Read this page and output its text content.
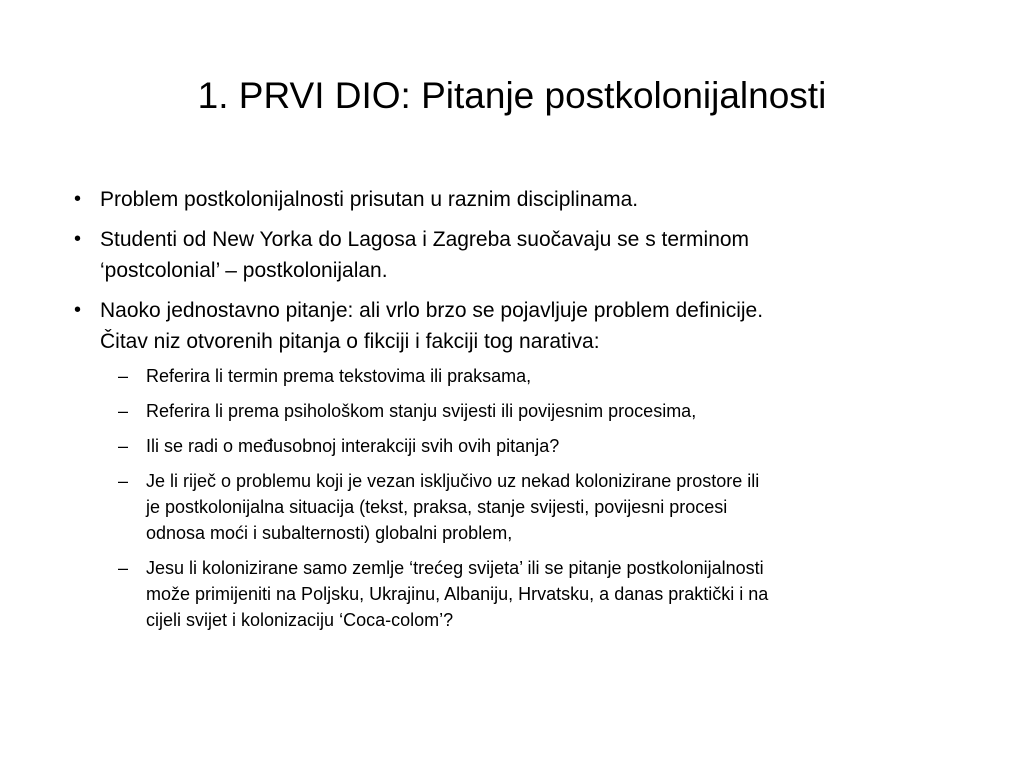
1. PRVI DIO: Pitanje postkolonijalnosti
• Problem postkolonijalnosti prisutan u raznim disciplinama.
• Studenti od New Yorka do Lagosa i Zagreba suočavaju se s terminom
‘postcolonial’ – postkolonijalan.
• Naoko jednostavno pitanje: ali vrlo brzo se pojavljuje problem definicije.
Čitav niz otvorenih pitanja o fikciji i fakciji tog narativa:
– Referira li termin prema tekstovima ili praksama,
– Referira li prema psihološkom stanju svijesti ili povijesnim procesima,
– Ili se radi o međusobnoj interakciji svih ovih pitanja?
– Je li riječ o problemu koji je vezan isključivo uz nekad kolonizirane prostore ili
je postkolonijalna situacija (tekst, praksa, stanje svijesti, povijesni procesi
odnosa moći i subalternosti) globalni problem,
– Jesu li kolonizirane samo zemlje ‘trećeg svijeta’ ili se pitanje postkolonijalnosti
može primijeniti na Poljsku, Ukrajinu, Albaniju, Hrvatsku, a danas praktički i na
cijeli svijet i kolonizaciju ‘Coca-colom’?
